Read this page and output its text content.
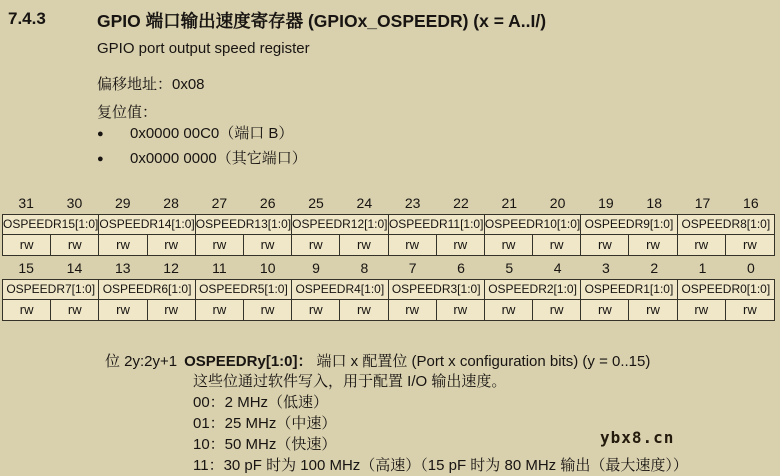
7.4.3	GPIO 端口输出速度寄存器 (GPIOx_OSPEEDR) (x = A..I/)
GPIO port output speed register
偏移地址：0x08
复位值：
● 0x0000 00C0（端口 B）
● 0x0000 0000（其它端口）
31	30	29	28	27	26	25	24	23	22	21	20	19	18	17	16
OSPEEDR15[1:0] OSPEEDR14[1:0] OSPEEDR13[1:0] OSPEEDR12[1:0] OSPEEDR11[1:0] OSPEEDR10[1:0] OSPEEDR9[1:0] OSPEEDR8[1:0]
rw	rw	rw	rw	rw	rw	rw	rw	rw	rw	rw	rw	rw	rw	rw	rw
15	14	13	12	11	10	9	8	7	6	5	4	3	2	1	0
OSPEEDR7[1:0] OSPEEDR6[1:0] OSPEEDR5[1:0] OSPEEDR4[1:0] OSPEEDR3[1:0] OSPEEDR2[1:0] OSPEEDR1[1:0] OSPEEDR0[1:0]
rw	rw	rw	rw	rw	rw	rw	rw	rw	rw	rw	rw	rw	rw	rw	rw
位 2y:2y+1 OSPEEDRy[1:0]： 端口 x 配置位 (Port x configuration bits) (y = 0..15)
这些位通过软件写入，用于配置 I/O 输出速度。
00：2 MHz（低速）
01：25 MHz（中速）
10：50 MHz（快速）
11：30 pF 时为 100 MHz（高速）（15 pF 时为 80 MHz 输出（最大速度））
ybx8.cn
